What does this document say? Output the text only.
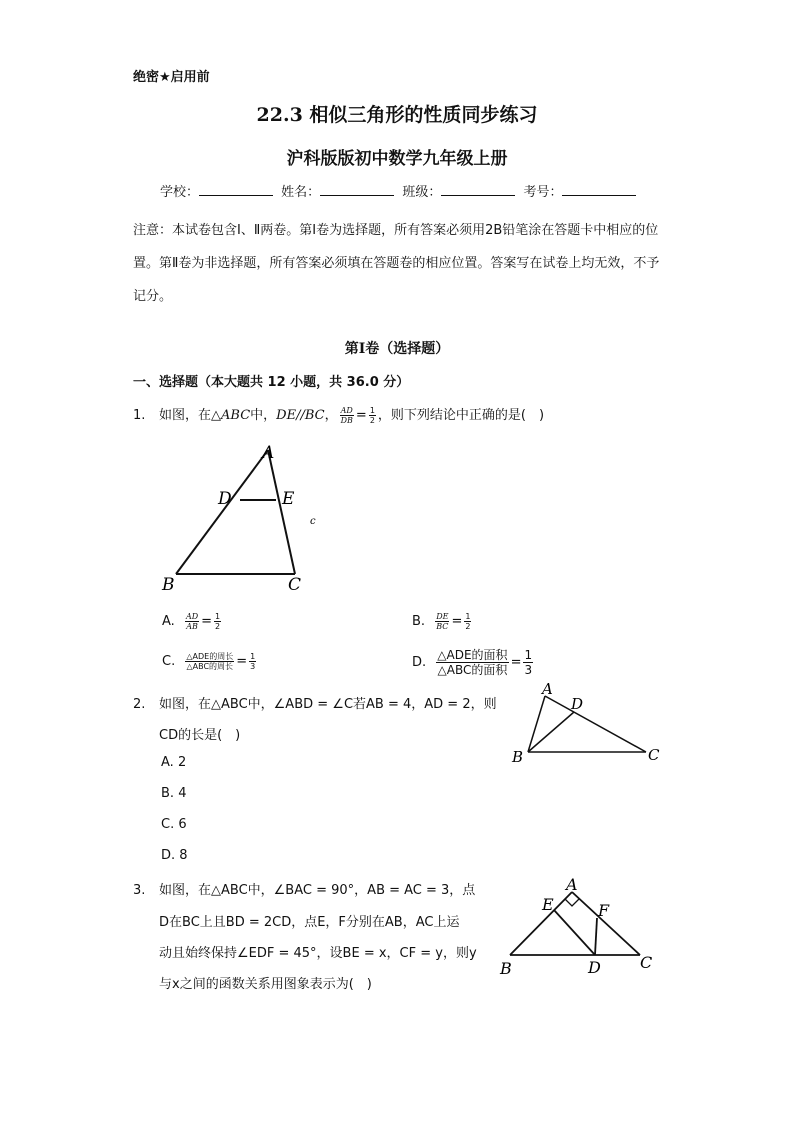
绝密★启用前
22.3 相似三角形的性质同步练习
沪科版版初中数学九年级上册
学校：	姓名：	班级：	考号：
注意：本试卷包含Ⅰ、Ⅱ两卷。第Ⅰ卷为选择题，所有答案必须用2B铅笔涂在答题卡中相应的位置。第Ⅱ卷为非选择题，所有答案必须填在答题卷的相应位置。答案写在试卷上均无效，不予记分。
第Ⅰ卷（选择题）
一、选择题（本大题共 12 小题，共 36.0 分）
1. 如图，在△ABC中，DE//BC， $\frac{AD}{DB} = \frac{1}{2}$ ，则下列结论中正确的是(　)
A
D	E
B	C
c
A. $\frac{AD}{AB} = \frac{1}{2}$	B. $\frac{DE}{BC} = \frac{1}{2}$
C. $\frac{\text{△ADE的周长}}{\text{△ABC的周长}} = \frac{1}{3}$	D. $\frac{\text{△ADE的面积}}{\text{△ABC的面积}} = \frac{1}{3}$
2. 如图，在△ABC中，∠ABD = ∠C若AB = 4，AD = 2，则
CD的长是(　)
A
D
B	C
A. 2
B. 4
C. 6
D. 8
3. 如图，在△ABC中，∠BAC = 90°，AB = AC = 3，点
D在BC上且BD = 2CD，点E，F分别在AB，AC上运
动且始终保持∠EDF = 45°，设BE = x，CF = y，则y
与x之间的函数关系用图象表示为(　)
A
E	F
B	D C
